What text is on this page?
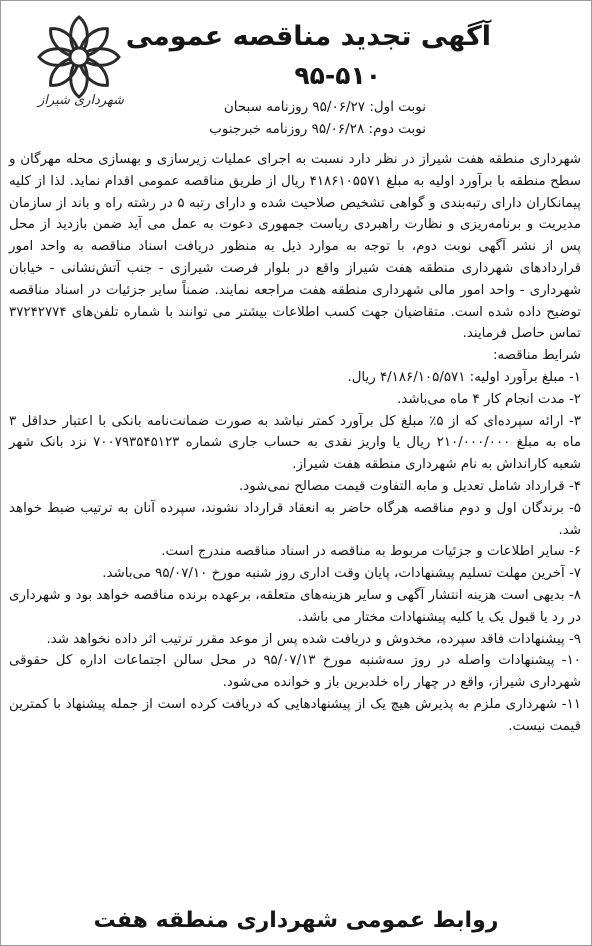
شهرداری شیراز
آگهی تجدید مناقصه عمومی
۹۵-۵۱۰
نوبت اول: ۹۵/۰۶/۲۷ روزنامه سبحان
نوبت دوم: ۹۵/۰۶/۲۸ روزنامه خبرجنوب

شهرداری منطقه هفت شیراز در نظر دارد نسبت به اجرای عملیات زیرسازی و بهسازی محله مهرگان و سطح منطقه با برآورد اولیه به مبلغ ۴۱۸۶۱۰۵۵۷۱ ریال از طریق مناقصه عمومی اقدام نماید. لذا از کلیه پیمانکاران دارای رتبه‌بندی و گواهی تشخیص صلاحیت شده و دارای رتبه ۵ در رشته راه و باند از سازمان مدیریت و برنامه‌ریزی و نظارت راهبردی ریاست جمهوری دعوت به عمل می آید ضمن بازدید از محل پس از نشر آگهی نوبت دوم، با توجه به موارد ذیل به منظور دریافت اسناد مناقصه به واحد امور قراردادهای شهرداری منطقه هفت شیراز واقع در بلوار فرصت شیرازی - جنب آتش‌نشانی - خیابان شهرداری - واحد امور مالی شهرداری منطقه هفت مراجعه نمایند. ضمناً سایر جزئیات در اسناد مناقصه توضیح داده شده است. متقاضیان جهت کسب اطلاعات بیشتر می توانند با شماره تلفن‌های ۳۷۲۴۲۷۷۴ تماس حاصل فرمایند.

شرایط مناقصه:

۱- مبلغ برآورد اولیه: ۴/۱۸۶/۱۰۵/۵۷۱ ریال.
۲- مدت انجام کار ۴ ماه می‌باشد.
۳- ارائه سپرده‌ای که از ۵٪ مبلغ کل برآورد کمتر نباشد به صورت ضمانت‌نامه بانکی با اعتبار حداقل ۳ ماه به مبلغ ۲۱۰/۰۰۰/۰۰۰ ریال یا واریز نقدی به حساب جاری شماره ۷۰۰۷۹۳۵۴۵۱۲۳ نزد بانک شهر شعبه کارانداش به نام شهرداری منطقه هفت شیراز.
۴- قرارداد شامل تعدیل و مابه التفاوت قیمت مصالح نمی‌شود.
۵- برندگان اول و دوم مناقصه هرگاه حاضر به انعقاد قرارداد نشوند، سپرده آنان به ترتیب ضبط خواهد شد.
۶- سایر اطلاعات و جزئیات مربوط به مناقصه در اسناد مناقصه مندرج است.
۷- آخرین مهلت تسلیم پیشنهادات، پایان وقت اداری روز شنبه مورخ ۹۵/۰۷/۱۰ می‌باشد.
۸- بدیهی است هزینه انتشار آگهی و سایر هزینه‌های متعلقه، برعهده برنده مناقصه خواهد بود و شهرداری در رد یا قبول یک یا کلیه پیشنهادات مختار می باشد.
۹- پیشنهادات فاقد سپرده، مخدوش و دریافت شده پس از موعد مقرر ترتیب اثر داده نخواهد شد.
۱۰- پیشنهادات واصله در روز سه‌شنبه مورخ ۹۵/۰۷/۱۳ در محل سالن اجتماعات اداره کل حقوقی شهرداری شیراز، واقع در چهار راه خلدبرین باز و خوانده می‌شود.
۱۱- شهرداری ملزم به پذیرش هیچ یک از پیشنهادهایی که دریافت کرده است از جمله پیشنهاد با کمترین قیمت نیست.
روابط عمومی شهرداری منطقه هفت
